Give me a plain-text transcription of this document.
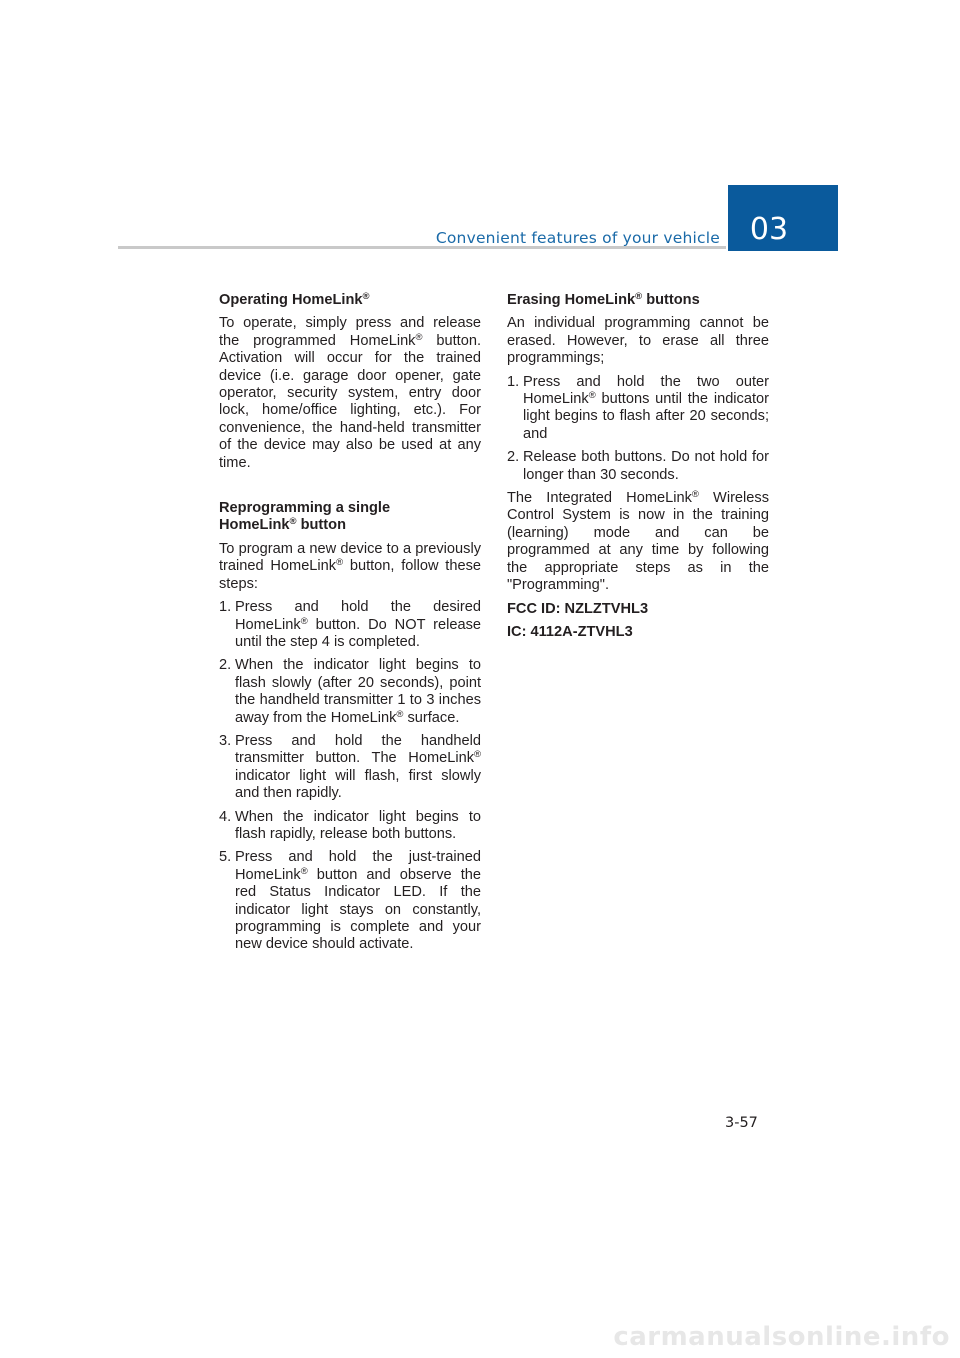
Convenient features of your vehicle 03

Operating HomeLink®

To operate, simply press and release the programmed HomeLink® button. Activation will occur for the trained device (i.e. garage door opener, gate operator, security system, entry door lock, home/office lighting, etc.). For convenience, the hand-held transmitter of the device may also be used at any time.

Reprogramming a single
HomeLink® button

To program a new device to a previously trained HomeLink® button, follow these steps:

1. Press and hold the desired HomeLink® button. Do NOT release until the step 4 is completed.
2. When the indicator light begins to flash slowly (after 20 seconds), point the handheld transmitter 1 to 3 inches away from the HomeLink® surface.
3. Press and hold the handheld transmitter button. The HomeLink® indicator light will flash, first slowly and then rapidly.
4. When the indicator light begins to flash rapidly, release both buttons.
5. Press and hold the just-trained HomeLink® button and observe the red Status Indicator LED. If the indicator light stays on constantly, programming is complete and your new device should activate.

Erasing HomeLink® buttons

An individual programming cannot be erased. However, to erase all three programmings;

1. Press and hold the two outer HomeLink® buttons until the indicator light begins to flash after 20 seconds; and
2. Release both buttons. Do not hold for longer than 30 seconds.

The Integrated HomeLink® Wireless Control System is now in the training (learning) mode and can be programmed at any time by following the appropriate steps as in the "Programming".

FCC ID: NZLZTVHL3

IC: 4112A-ZTVHL3

3-57
carmanualsonline.info
